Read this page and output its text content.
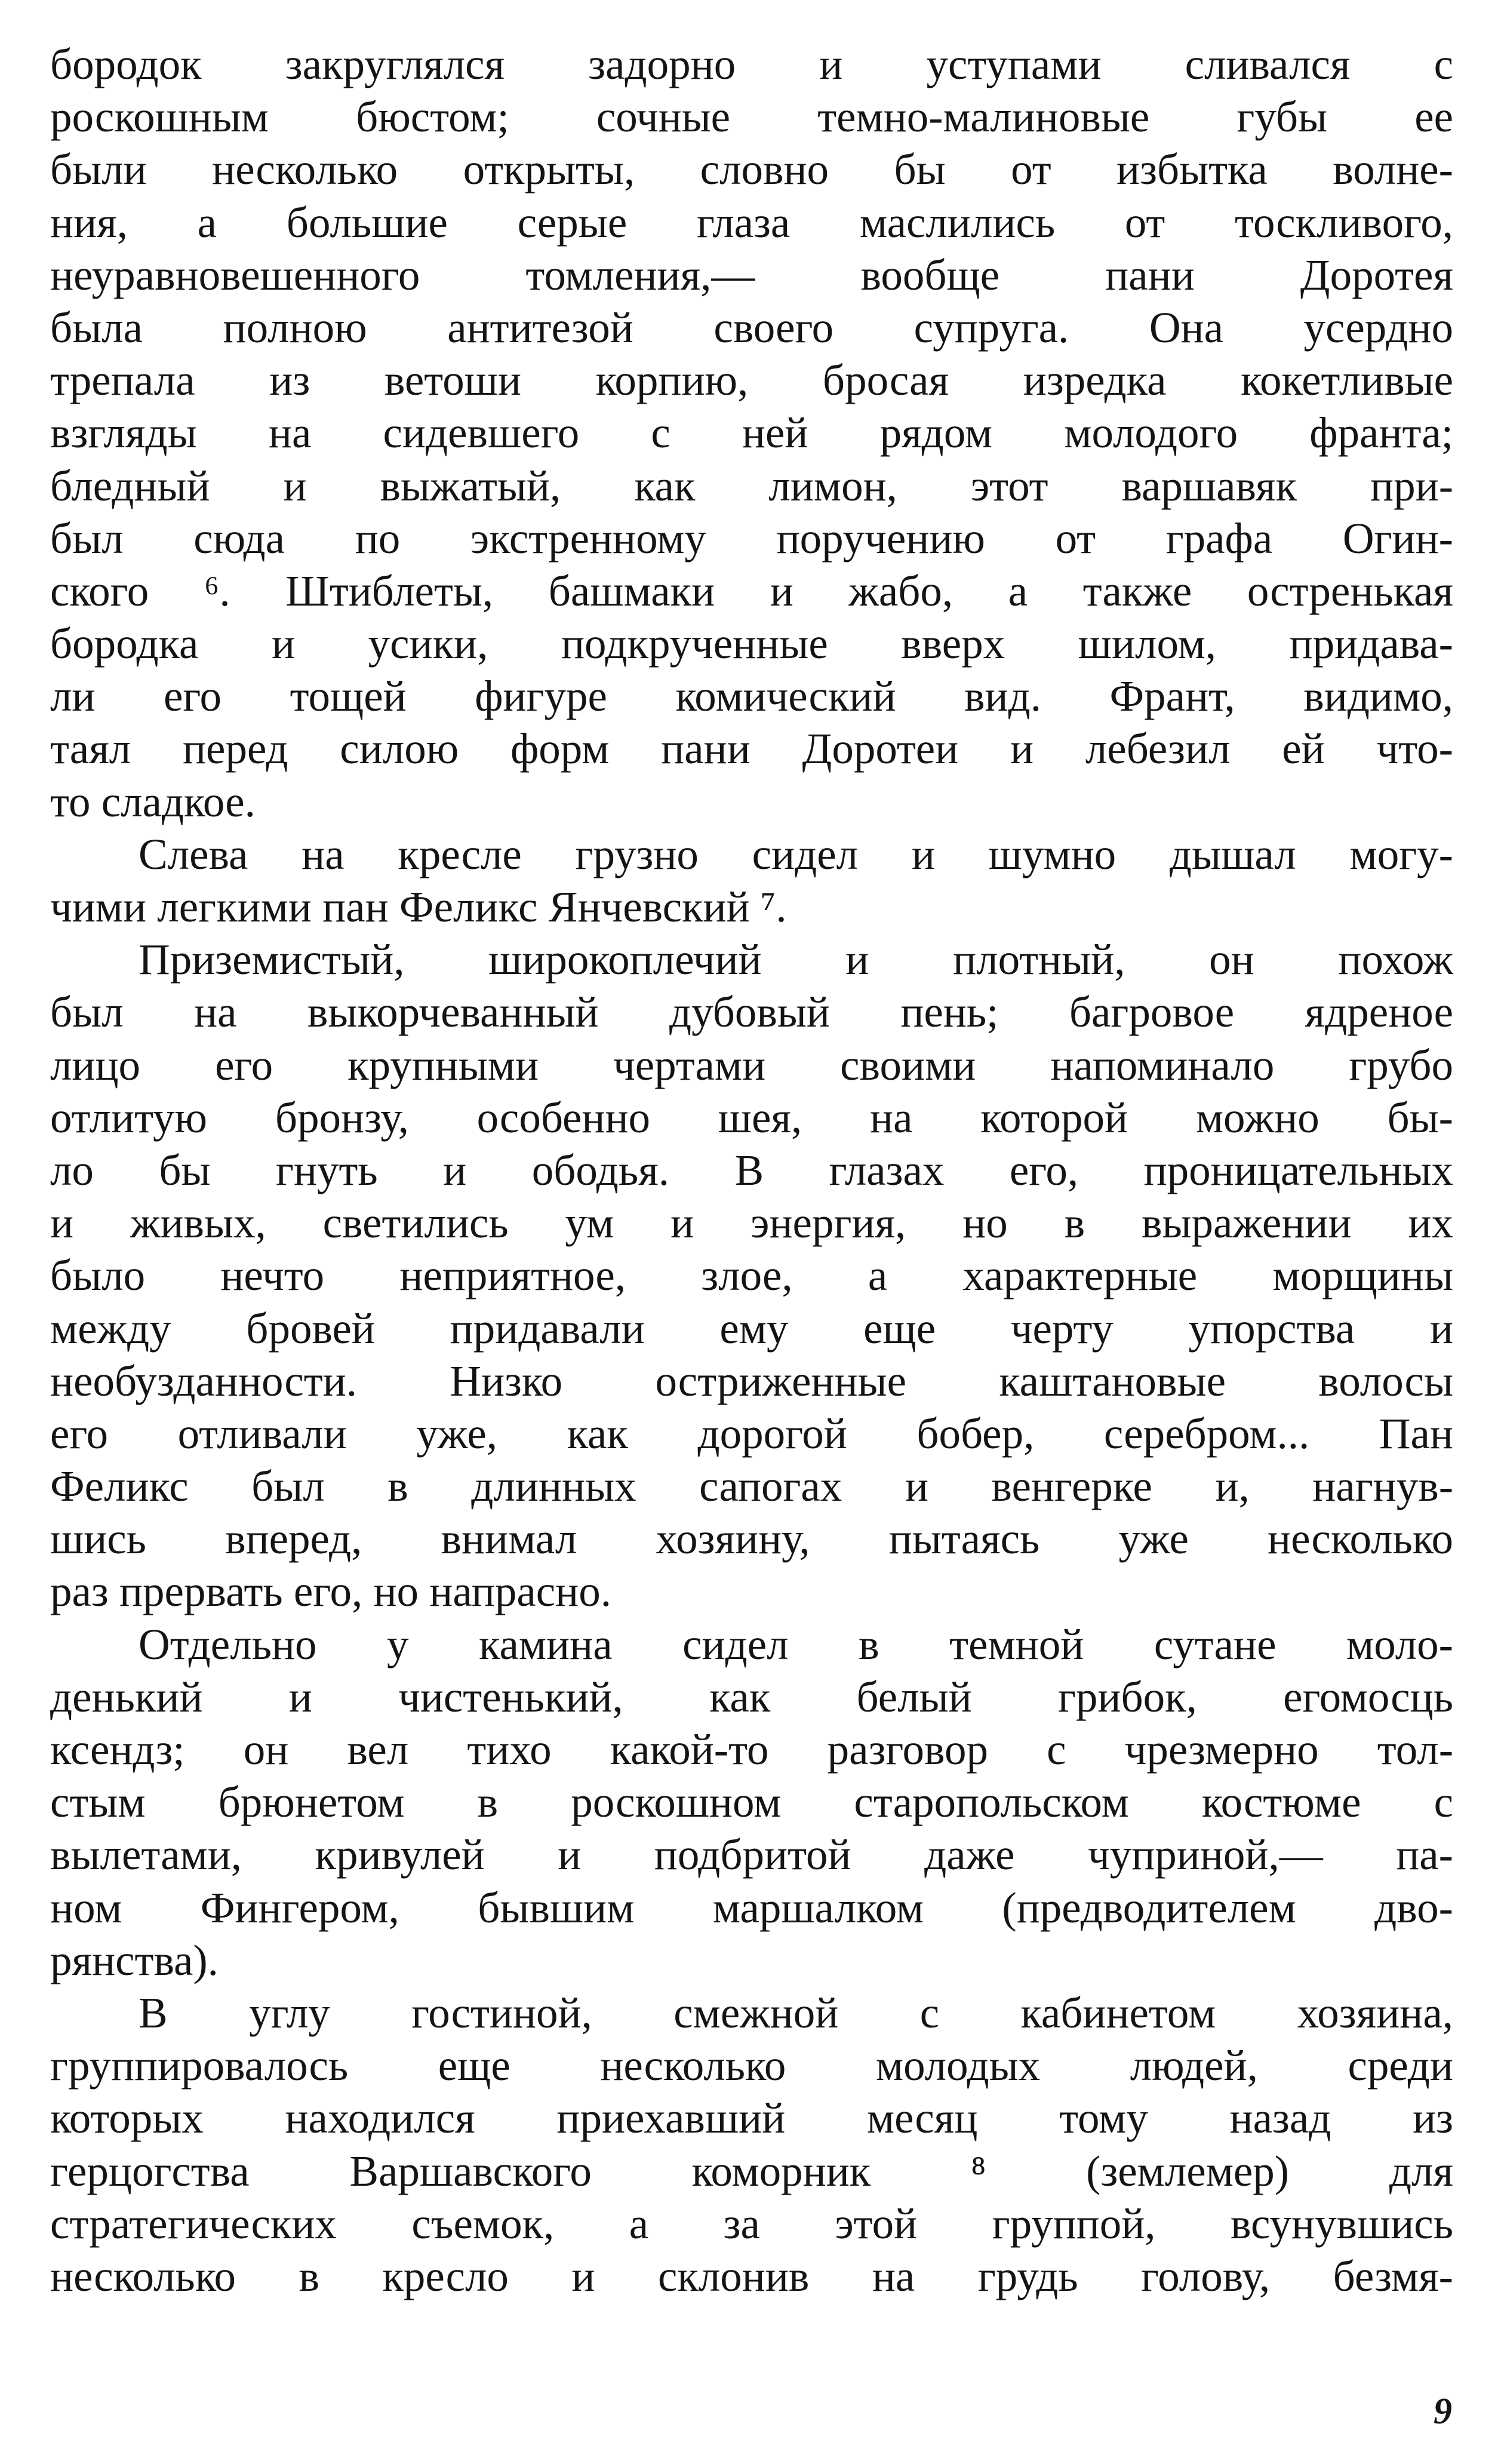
бородок закруглялся задорно и уступами сливался с
роскошным бюстом; сочные темно-малиновые губы ее
были несколько открыты, словно бы от избытка волне-
ния, а большие серые глаза маслились от тоскливого,
неуравновешенного томления,— вообще пани Доротея
была полною антитезой своего супруга. Она усердно
трепала из ветоши корпию, бросая изредка кокетливые
взгляды на сидевшего с ней рядом молодого франта;
бледный и выжатый, как лимон, этот варшавяк при-
был сюда по экстренному поручению от графа Огин-
ского ⁶. Штиблеты, башмаки и жабо, а также остренькая
бородка и усики, подкрученные вверх шилом, придава-
ли его тощей фигуре комический вид. Франт, видимо,
таял перед силою форм пани Доротеи и лебезил ей что-
то сладкое.
Слева на кресле грузно сидел и шумно дышал могу-
чими легкими пан Феликс Янчевский ⁷.
Приземистый, широкоплечий и плотный, он похож
был на выкорчеванный дубовый пень; багровое ядреное
лицо его крупными чертами своими напоминало грубо
отлитую бронзу, особенно шея, на которой можно бы-
ло бы гнуть и ободья. В глазах его, проницательных
и живых, светились ум и энергия, но в выражении их
было нечто неприятное, злое, а характерные морщины
между бровей придавали ему еще черту упорства и
необузданности. Низко остриженные каштановые волосы
его отливали уже, как дорогой бобер, серебром... Пан
Феликс был в длинных сапогах и венгерке и, нагнув-
шись вперед, внимал хозяину, пытаясь уже несколько
раз прервать его, но напрасно.
Отдельно у камина сидел в темной сутане моло-
денький и чистенький, как белый грибок, егомосць
ксендз; он вел тихо какой-то разговор с чрезмерно тол-
стым брюнетом в роскошном старопольском костюме с
вылетами, кривулей и подбритой даже чуприной,— па-
ном Фингером, бывшим маршалком (предводителем дво-
рянства).
В углу гостиной, смежной с кабинетом хозяина,
группировалось еще несколько молодых людей, среди
которых находился приехавший месяц тому назад из
герцогства Варшавского коморник ⁸ (землемер) для
стратегических съемок, а за этой группой, всунувшись
несколько в кресло и склонив на грудь голову, безмя-
9
